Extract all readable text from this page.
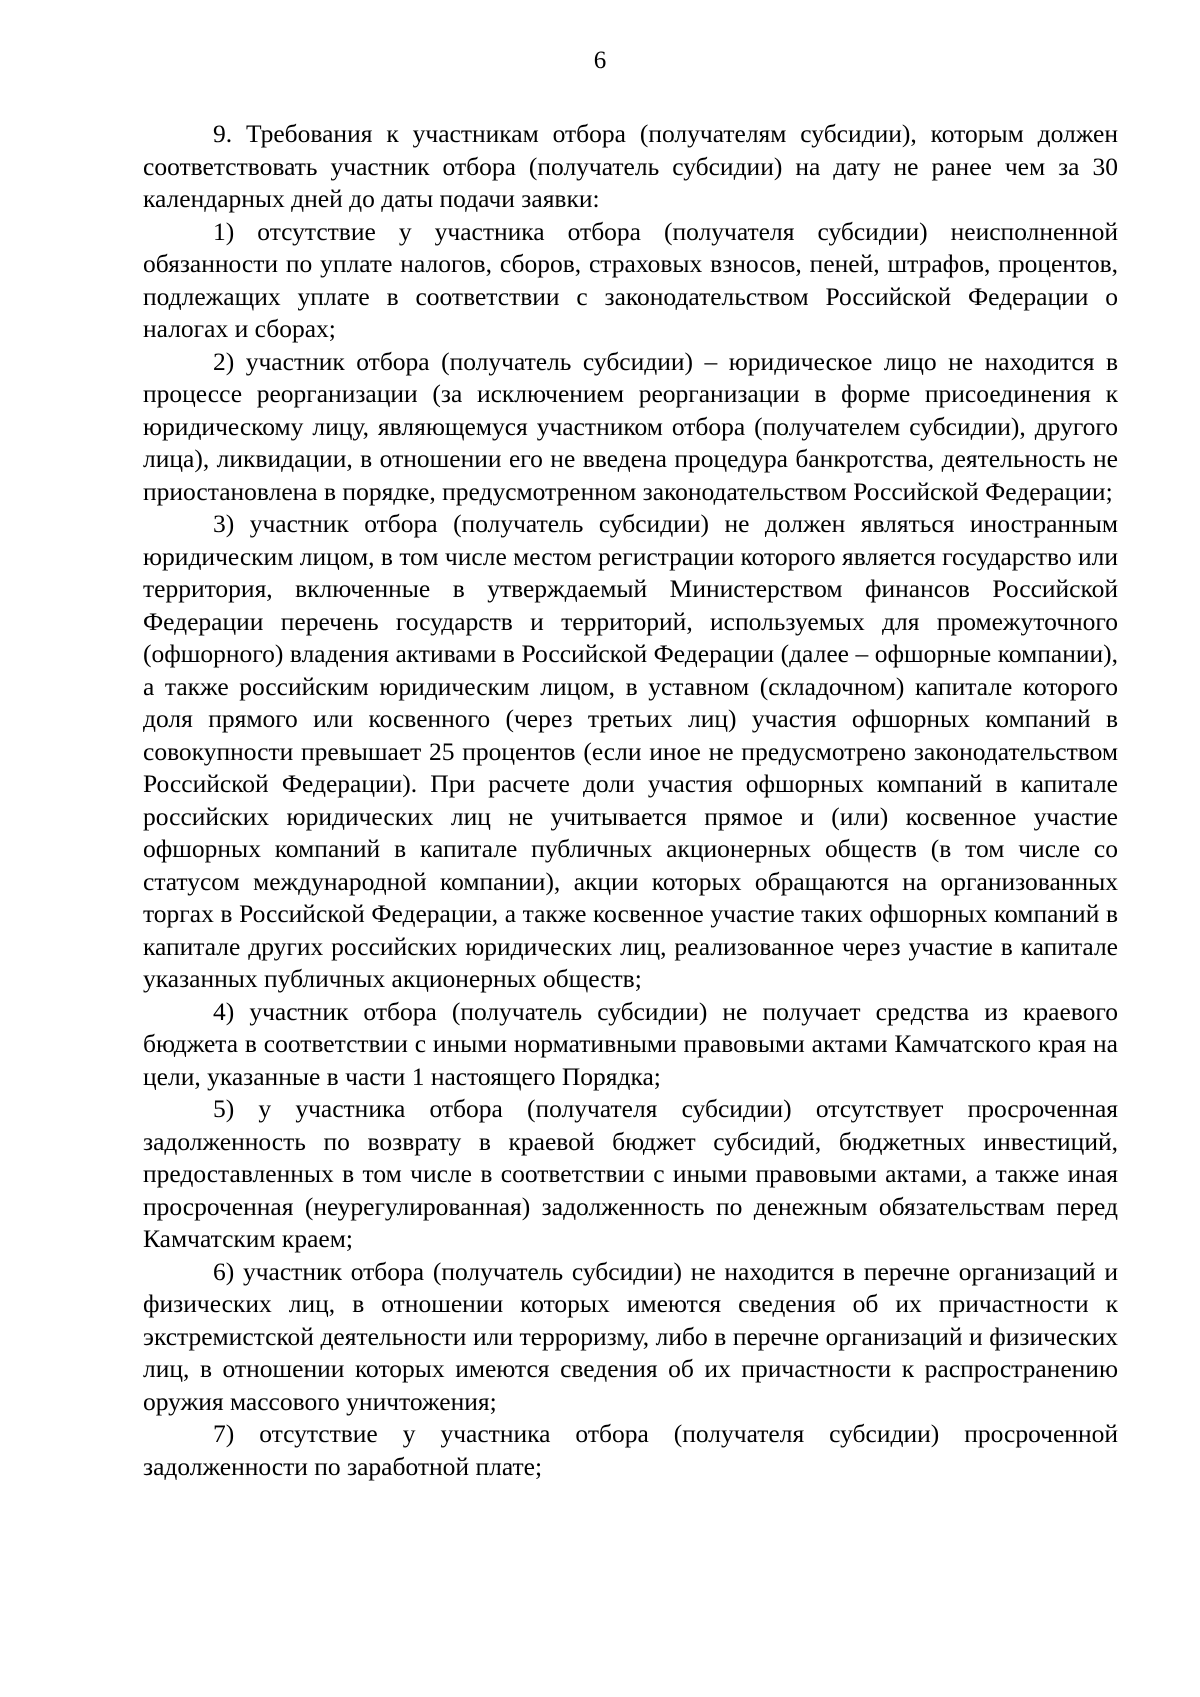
6

9. Требования к участникам отбора (получателям субсидии), которым должен соответствовать участник отбора (получатель субсидии) на дату не ранее чем за 30 календарных дней до даты подачи заявки:

1) отсутствие у участника отбора (получателя субсидии) неисполненной обязанности по уплате налогов, сборов, страховых взносов, пеней, штрафов, процентов, подлежащих уплате в соответствии с законодательством Российской Федерации о налогах и сборах;

2) участник отбора (получатель субсидии) – юридическое лицо не находится в процессе реорганизации (за исключением реорганизации в форме присоединения к юридическому лицу, являющемуся участником отбора (получателем субсидии), другого лица), ликвидации, в отношении его не введена процедура банкротства, деятельность не приостановлена в порядке, предусмотренном законодательством Российской Федерации;

3) участник отбора (получатель субсидии) не должен являться иностранным юридическим лицом, в том числе местом регистрации которого является государство или территория, включенные в утверждаемый Министерством финансов Российской Федерации перечень государств и территорий, используемых для промежуточного (офшорного) владения активами в Российской Федерации (далее – офшорные компании), а также российским юридическим лицом, в уставном (складочном) капитале которого доля прямого или косвенного (через третьих лиц) участия офшорных компаний в совокупности превышает 25 процентов (если иное не предусмотрено законодательством Российской Федерации). При расчете доли участия офшорных компаний в капитале российских юридических лиц не учитывается прямое и (или) косвенное участие офшорных компаний в капитале публичных акционерных обществ (в том числе со статусом международной компании), акции которых обращаются на организованных торгах в Российской Федерации, а также косвенное участие таких офшорных компаний в капитале других российских юридических лиц, реализованное через участие в капитале указанных публичных акционерных обществ;

4) участник отбора (получатель субсидии) не получает средства из краевого бюджета в соответствии с иными нормативными правовыми актами Камчатского края на цели, указанные в части 1 настоящего Порядка;

5) у участника отбора (получателя субсидии) отсутствует просроченная задолженность по возврату в краевой бюджет субсидий, бюджетных инвестиций, предоставленных в том числе в соответствии с иными правовыми актами, а также иная просроченная (неурегулированная) задолженность по денежным обязательствам перед Камчатским краем;

6) участник отбора (получатель субсидии) не находится в перечне организаций и физических лиц, в отношении которых имеются сведения об их причастности к экстремистской деятельности или терроризму, либо в перечне организаций и физических лиц, в отношении которых имеются сведения об их причастности к распространению оружия массового уничтожения;

7) отсутствие у участника отбора (получателя субсидии) просроченной задолженности по заработной плате;
